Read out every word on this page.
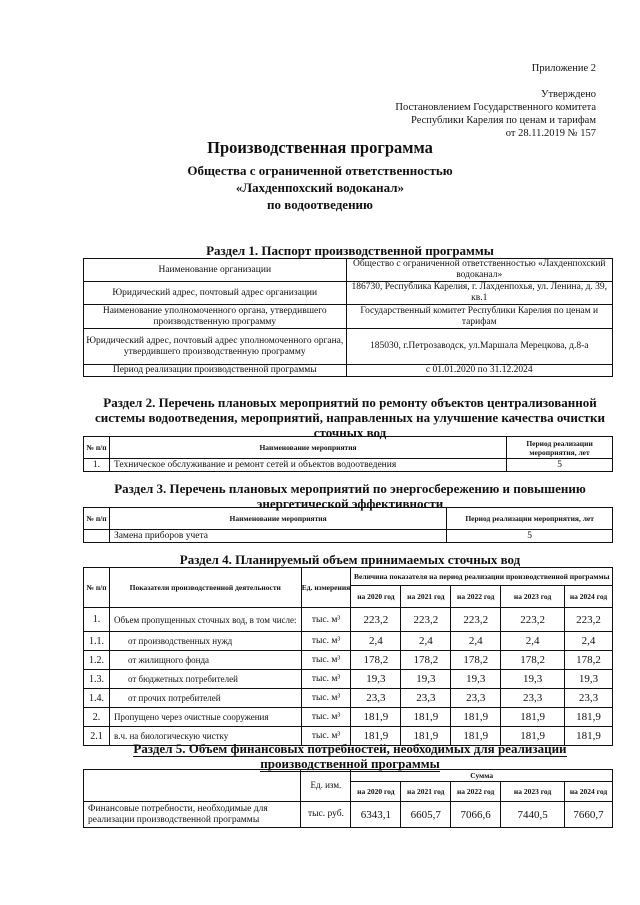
Приложение 2
Утверждено
Постановлением Государственного комитета
Республики Карелия по ценам и тарифам
от 28.11.2019 № 157
Производственная программа
Общества с ограниченной ответственностью
«Лахденпохский водоканал»
по водоотведению
Раздел 1. Паспорт производственной программы
Наименование организации	Общество с ограниченной ответственностью «Лахденпохский водоканал»
Юридический адрес, почтовый адрес организации	186730, Республика Карелия, г. Лахденпохья, ул. Ленина, д. 39, кв.1
Наименование уполномоченного органа, утвердившего производственную программу	Государственный комитет Республики Карелия по ценам и тарифам
Юридический адрес, почтовый адрес уполномоченного органа, утвердившего производственную программу	185030, г.Петрозаводск, ул.Маршала Мерецкова, д.8-а
Период реализации производственной программы	с 01.01.2020 по 31.12.2024
Раздел 2. Перечень плановых мероприятий по ремонту объектов централизованной системы водоотведения, мероприятий, направленных на улучшение качества очистки сточных вод
№ п/п	Наименование мероприятия	Период реализации мероприятия, лет
1.	Техническое обслуживание и ремонт сетей и объектов водоотведения	5
Раздел 3. Перечень плановых мероприятий по энергосбережению и повышению энергетической эффективности
№ п/п	Наименование мероприятия	Период реализации мероприятия, лет
	Замена приборов учета	5
Раздел 4. Планируемый объем принимаемых сточных вод
№ п/п	Показатели производственной деятельности	Ед. измерения	Величина показателя на период реализации производственной программы				
			на 2020 год	на 2021 год	на 2022 год	на 2023 год	на 2024 год
1.	Объем пропущенных сточных вод, в том числе:	тыс. м³	223,2	223,2	223,2	223,2	223,2
1.1.	от производственных нужд	тыс. м³	2,4	2,4	2,4	2,4	2,4
1.2.	от жилищного фонда	тыс. м³	178,2	178,2	178,2	178,2	178,2
1.3.	от бюджетных потребителей	тыс. м³	19,3	19,3	19,3	19,3	19,3
1.4.	от прочих потребителей	тыс. м³	23,3	23,3	23,3	23,3	23,3
2.	Пропущено через очистные сооружения	тыс. м³	181,9	181,9	181,9	181,9	181,9
2.1	в.ч. на биологическую чистку	тыс. м³	181,9	181,9	181,9	181,9	181,9
Раздел 5. Объем финансовых потребностей, необходимых для реализации производственной программы
	Ед. изм.	Сумма				
		на 2020 год	на 2021 год	на 2022 год	на 2023 год	на 2024 год
Финансовые потребности, необходимые для реализации производственной программы	тыс. руб.	6343,1	6605,7	7066,6	7440,5	7660,7
